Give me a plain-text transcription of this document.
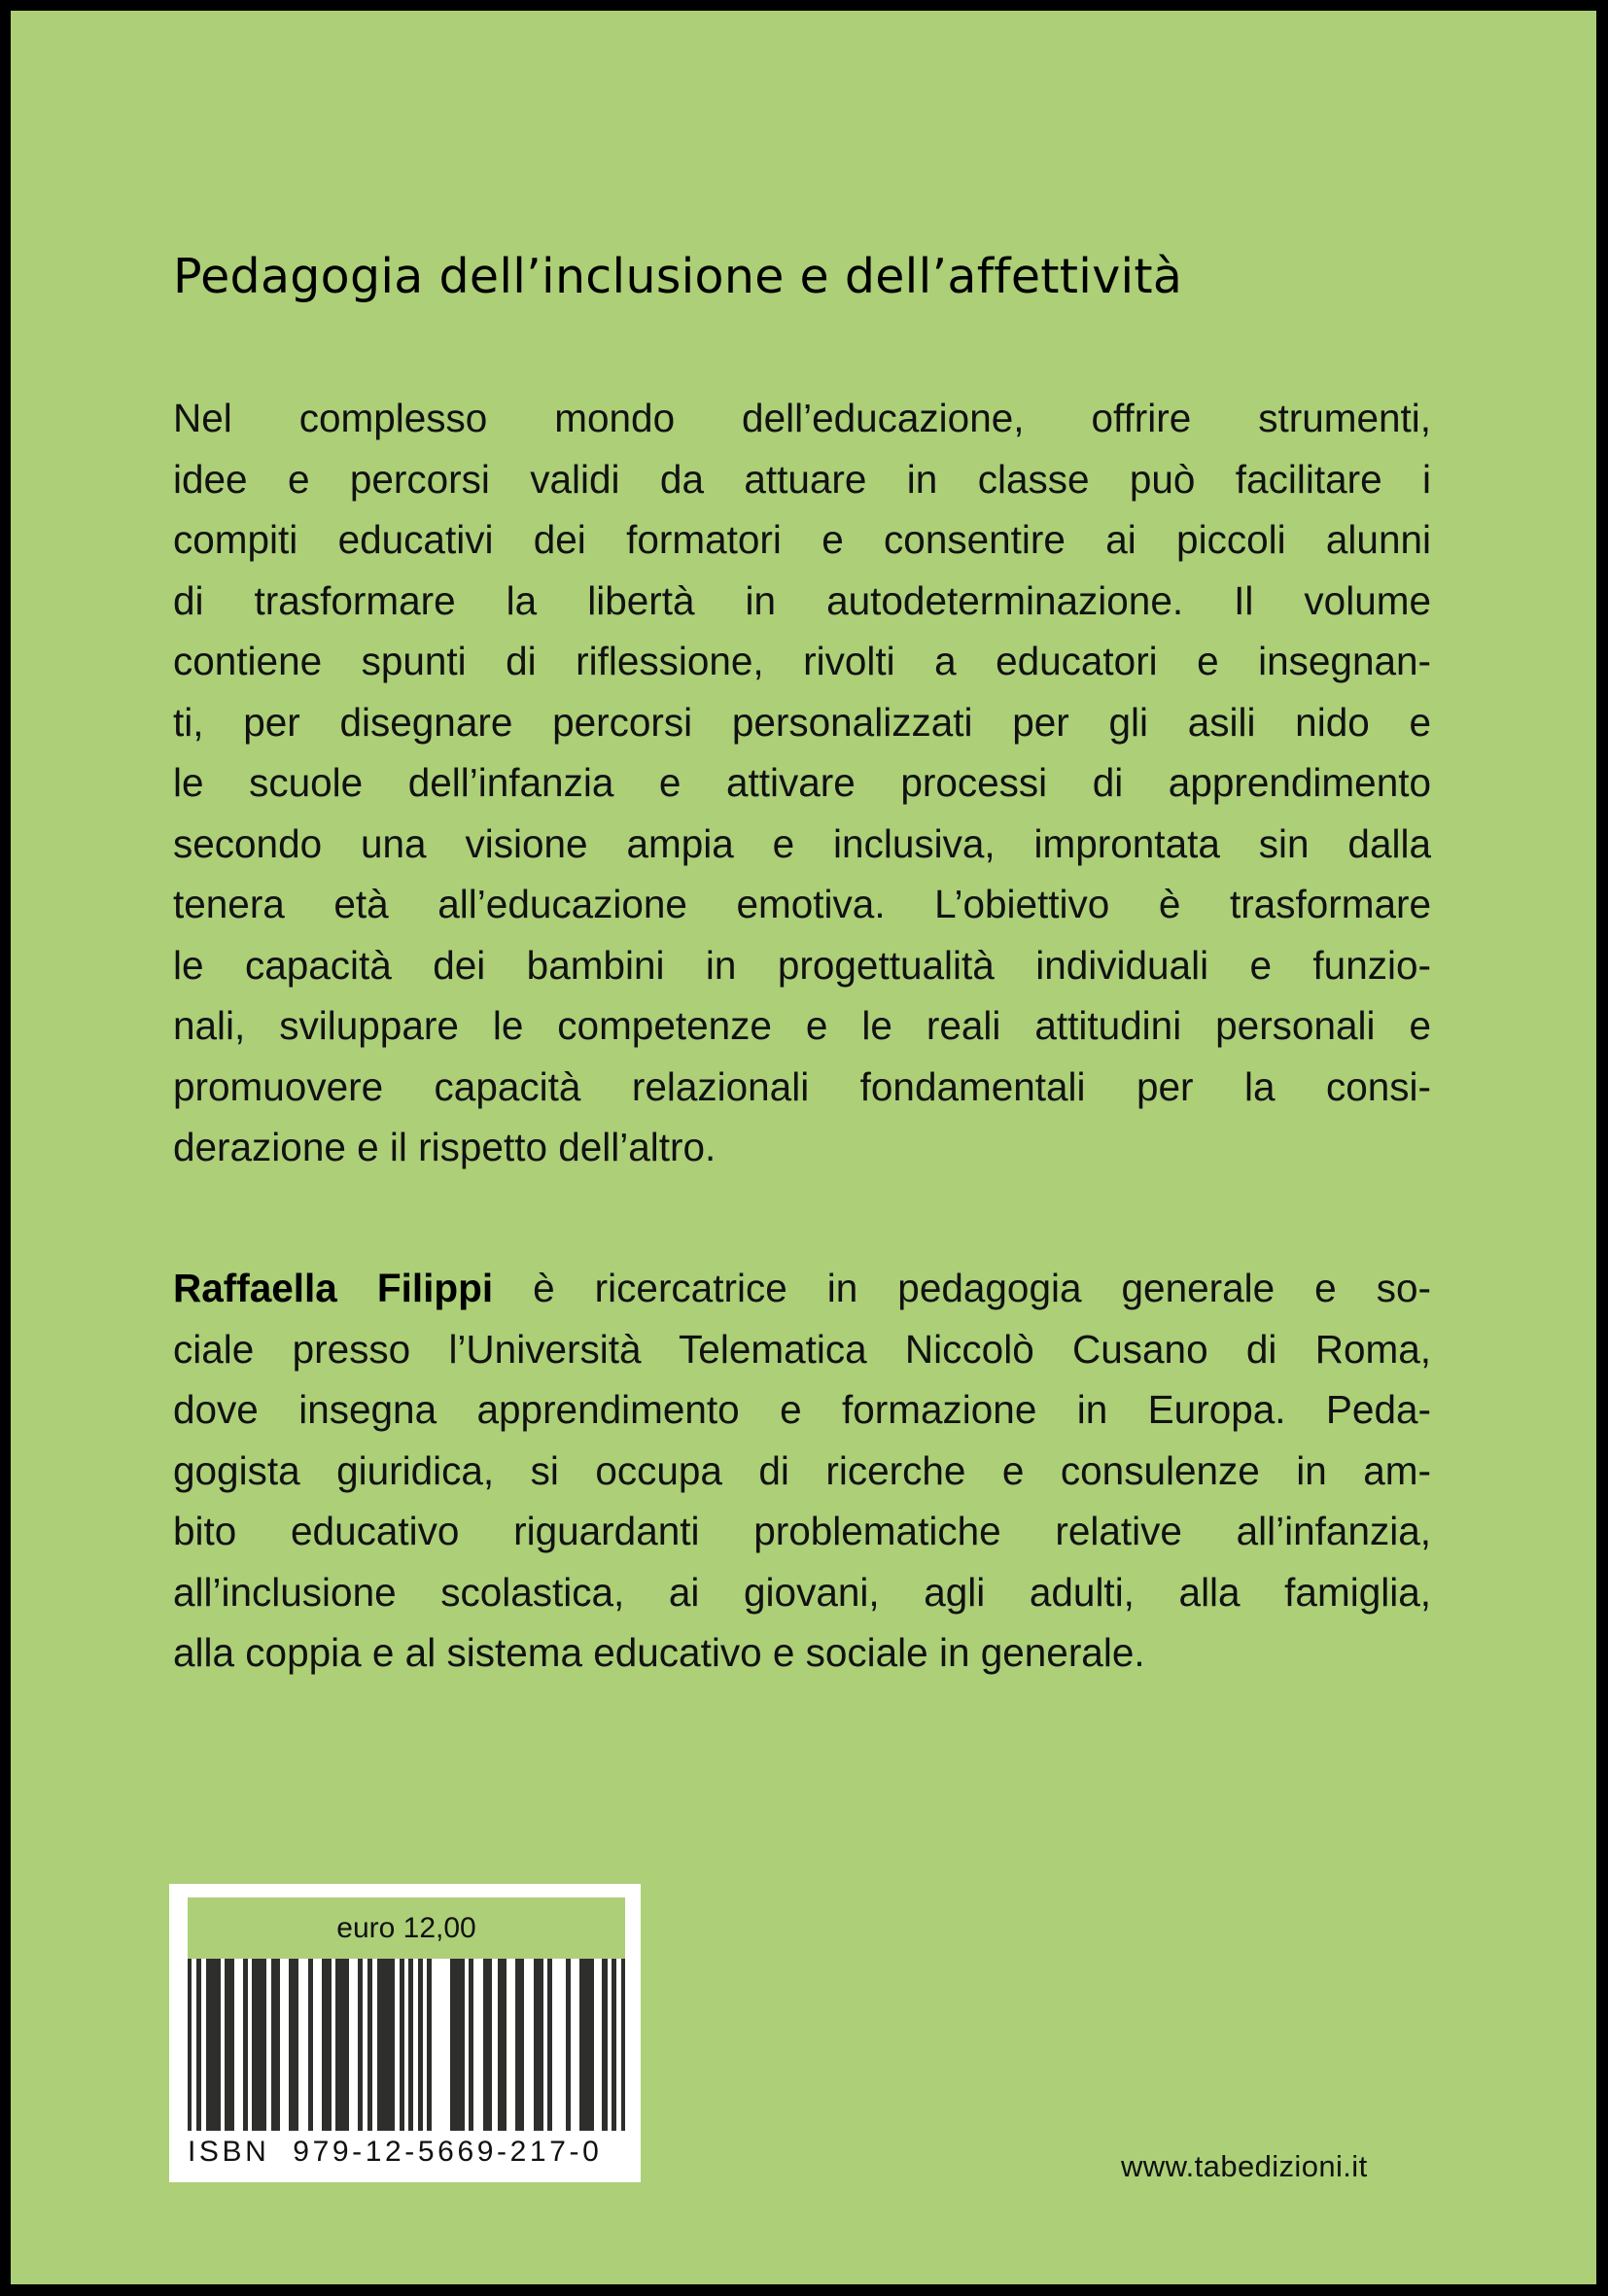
Pedagogia dell’inclusione e dell’affettività
Nel complesso mondo dell’educazione, offrire strumenti,
idee e percorsi validi da attuare in classe può facilitare i
compiti educativi dei formatori e consentire ai piccoli alunni
di trasformare la libertà in autodeterminazione. Il volume
contiene spunti di riflessione, rivolti a educatori e insegnan-
ti, per disegnare percorsi personalizzati per gli asili nido e
le scuole dell’infanzia e attivare processi di apprendimento
secondo una visione ampia e inclusiva, improntata sin dalla
tenera età all’educazione emotiva. L’obiettivo è trasformare
le capacità dei bambini in progettualità individuali e funzio-
nali, sviluppare le competenze e le reali attitudini personali e
promuovere capacità relazionali fondamentali per la consi-
derazione e il rispetto dell’altro.
Raffaella Filippi è ricercatrice in pedagogia generale e so-
ciale presso l’Università Telematica Niccolò Cusano di Roma,
dove insegna apprendimento e formazione in Europa. Peda-
gogista giuridica, si occupa di ricerche e consulenze in am-
bito educativo riguardanti problematiche relative all’infanzia,
all’inclusione scolastica, ai giovani, agli adulti, alla famiglia,
alla coppia e al sistema educativo e sociale in generale.
euro 12,00
ISBN  979-12-5669-217-0	www.tabedizioni.it
